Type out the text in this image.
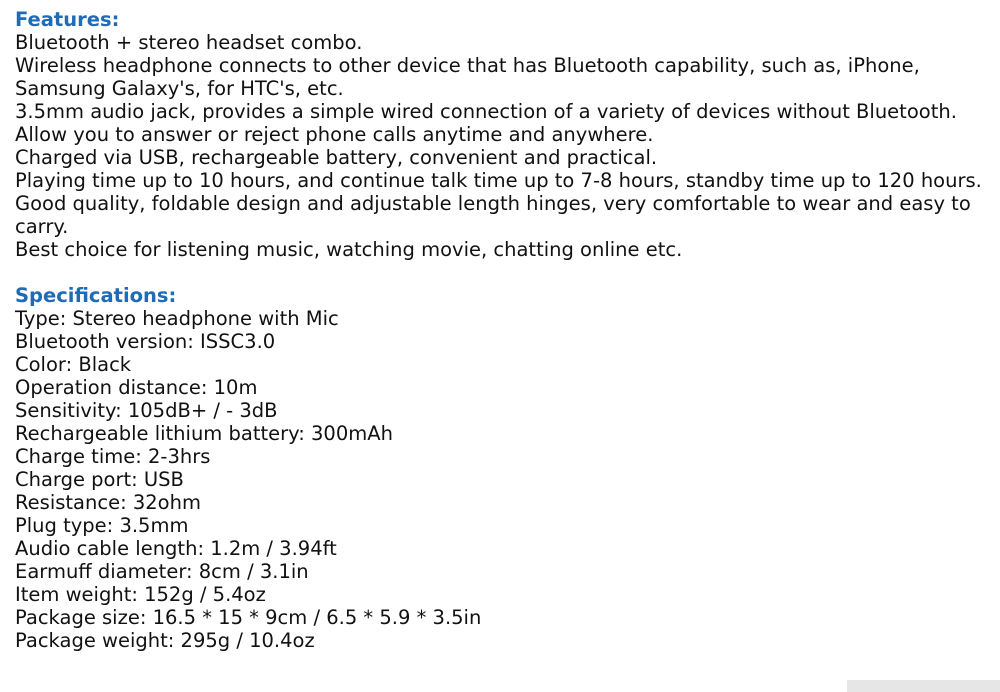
Features:
Bluetooth + stereo headset combo.
Wireless headphone connects to other device that has Bluetooth capability, such as, iPhone, Samsung Galaxy's, for HTC's, etc.
3.5mm audio jack, provides a simple wired connection of a variety of devices without Bluetooth.
Allow you to answer or reject phone calls anytime and anywhere.
Charged via USB, rechargeable battery, convenient and practical.
Playing time up to 10 hours, and continue talk time up to 7-8 hours, standby time up to 120 hours.
Good quality, foldable design and adjustable length hinges, very comfortable to wear and easy to carry.
Best choice for listening music, watching movie, chatting online etc.
Specifications:
Type: Stereo headphone with Mic
Bluetooth version: ISSC3.0
Color: Black
Operation distance: 10m
Sensitivity: 105dB+ / - 3dB
Rechargeable lithium battery: 300mAh
Charge time: 2-3hrs
Charge port: USB
Resistance: 32ohm
Plug type: 3.5mm
Audio cable length: 1.2m / 3.94ft
Earmuff diameter: 8cm / 3.1in
Item weight: 152g / 5.4oz
Package size: 16.5 * 15 * 9cm / 6.5 * 5.9 * 3.5in
Package weight: 295g / 10.4oz
